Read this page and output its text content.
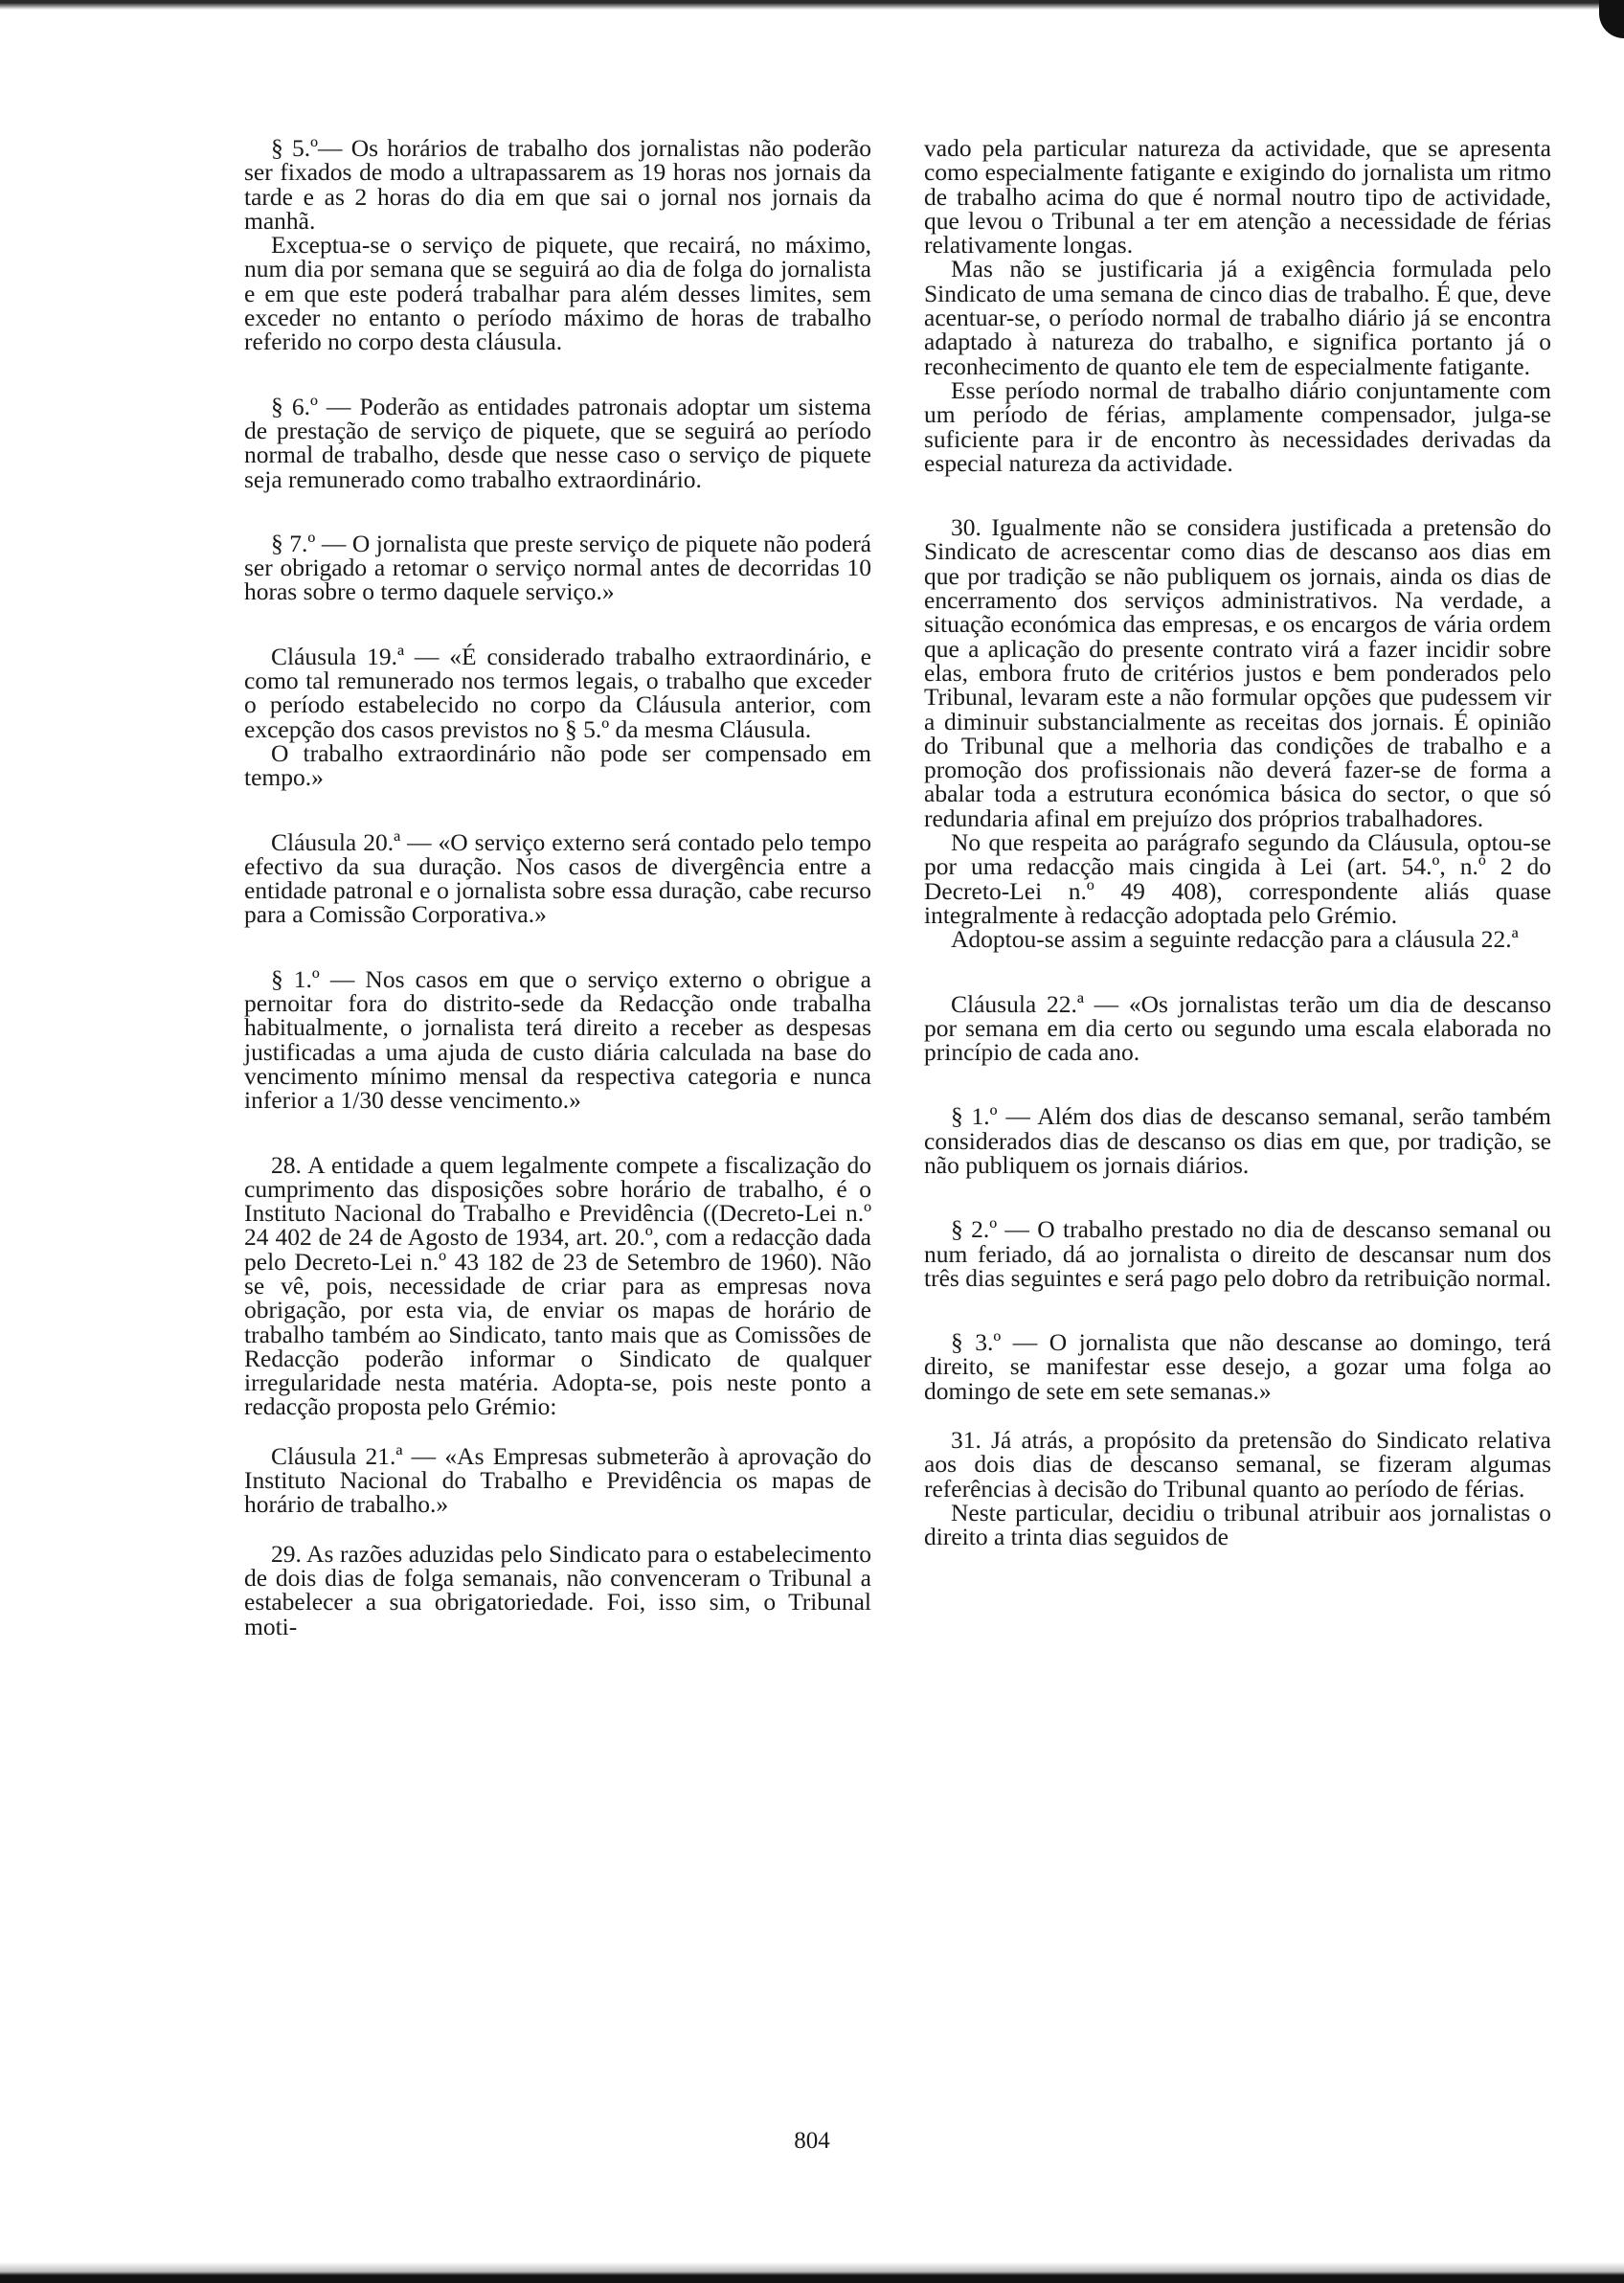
§ 5.º— Os horários de trabalho dos jornalistas não poderão ser fixados de modo a ultrapassarem as 19 horas nos jornais da tarde e as 2 horas do dia em que sai o jornal nos jornais da manhã.

Exceptua-se o serviço de piquete, que recairá, no máximo, num dia por semana que se seguirá ao dia de folga do jornalista e em que este poderá trabalhar para além desses limites, sem exceder no entanto o período máximo de horas de trabalho referido no corpo desta cláusula.

§ 6.º — Poderão as entidades patronais adoptar um sistema de prestação de serviço de piquete, que se seguirá ao período normal de trabalho, desde que nesse caso o serviço de piquete seja remunerado como trabalho extraordinário.

§ 7.º — O jornalista que preste serviço de piquete não poderá ser obrigado a retomar o serviço normal antes de decorridas 10 horas sobre o termo daquele serviço.»

Cláusula 19.ª — «É considerado trabalho extraordinário, e como tal remunerado nos termos legais, o trabalho que exceder o período estabelecido no corpo da Cláusula anterior, com excepção dos casos previstos no § 5.º da mesma Cláusula.

O trabalho extraordinário não pode ser compensado em tempo.»

Cláusula 20.ª — «O serviço externo será contado pelo tempo efectivo da sua duração. Nos casos de divergência entre a entidade patronal e o jornalista sobre essa duração, cabe recurso para a Comissão Corporativa.»

§ 1.º — Nos casos em que o serviço externo o obrigue a pernoitar fora do distrito-sede da Redacção onde trabalha habitualmente, o jornalista terá direito a receber as despesas justificadas a uma ajuda de custo diária calculada na base do vencimento mínimo mensal da respectiva categoria e nunca inferior a 1/30 desse vencimento.»

28. A entidade a quem legalmente compete a fiscalização do cumprimento das disposições sobre horário de trabalho, é o Instituto Nacional do Trabalho e Previdência ((Decreto-Lei n.º 24 402 de 24 de Agosto de 1934, art. 20.º, com a redacção dada pelo Decreto-Lei n.º 43 182 de 23 de Setembro de 1960). Não se vê, pois, necessidade de criar para as empresas nova obrigação, por esta via, de enviar os mapas de horário de trabalho também ao Sindicato, tanto mais que as Comissões de Redacção poderão informar o Sindicato de qualquer irregularidade nesta matéria. Adopta-se, pois neste ponto a redacção proposta pelo Grémio:

Cláusula 21.ª — «As Empresas submeterão à aprovação do Instituto Nacional do Trabalho e Previdência os mapas de horário de trabalho.»

29. As razões aduzidas pelo Sindicato para o estabelecimento de dois dias de folga semanais, não convenceram o Tribunal a estabelecer a sua obrigatoriedade. Foi, isso sim, o Tribunal moti-

vado pela particular natureza da actividade, que se apresenta como especialmente fatigante e exigindo do jornalista um ritmo de trabalho acima do que é normal noutro tipo de actividade, que levou o Tribunal a ter em atenção a necessidade de férias relativamente longas.

Mas não se justificaria já a exigência formulada pelo Sindicato de uma semana de cinco dias de trabalho. É que, deve acentuar-se, o período normal de trabalho diário já se encontra adaptado à natureza do trabalho, e significa portanto já o reconhecimento de quanto ele tem de especialmente fatigante.

Esse período normal de trabalho diário conjuntamente com um período de férias, amplamente compensador, julga-se suficiente para ir de encontro às necessidades derivadas da especial natureza da actividade.

30. Igualmente não se considera justificada a pretensão do Sindicato de acrescentar como dias de descanso aos dias em que por tradição se não publiquem os jornais, ainda os dias de encerramento dos serviços administrativos. Na verdade, a situação económica das empresas, e os encargos de vária ordem que a aplicação do presente contrato virá a fazer incidir sobre elas, embora fruto de critérios justos e bem ponderados pelo Tribunal, levaram este a não formular opções que pudessem vir a diminuir substancialmente as receitas dos jornais. É opinião do Tribunal que a melhoria das condições de trabalho e a promoção dos profissionais não deverá fazer-se de forma a abalar toda a estrutura económica básica do sector, o que só redundaria afinal em prejuízo dos próprios trabalhadores.

No que respeita ao parágrafo segundo da Cláusula, optou-se por uma redacção mais cingida à Lei (art. 54.º, n.º 2 do Decreto-Lei n.º 49 408), correspondente aliás quase integralmente à redacção adoptada pelo Grémio.

Adoptou-se assim a seguinte redacção para a cláusula 22.ª

Cláusula 22.ª — «Os jornalistas terão um dia de descanso por semana em dia certo ou segundo uma escala elaborada no princípio de cada ano.

§ 1.º — Além dos dias de descanso semanal, serão também considerados dias de descanso os dias em que, por tradição, se não publiquem os jornais diários.

§ 2.º — O trabalho prestado no dia de descanso semanal ou num feriado, dá ao jornalista o direito de descansar num dos três dias seguintes e será pago pelo dobro da retribuição normal.

§ 3.º — O jornalista que não descanse ao domingo, terá direito, se manifestar esse desejo, a gozar uma folga ao domingo de sete em sete semanas.»

31. Já atrás, a propósito da pretensão do Sindicato relativa aos dois dias de descanso semanal, se fizeram algumas referências à decisão do Tribunal quanto ao período de férias.

Neste particular, decidiu o tribunal atribuir aos jornalistas o direito a trinta dias seguidos de

804
